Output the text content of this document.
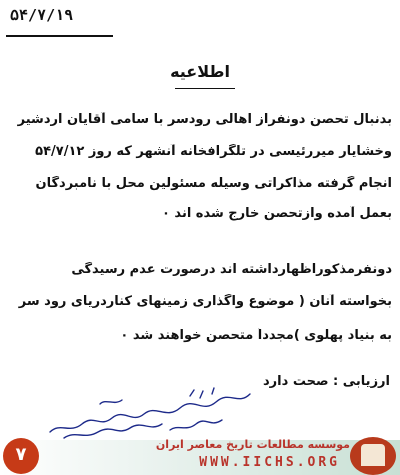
۵۴/۷/۱۹
اطلاعیه
بدنبال تحصن دونفراز اهالی رودسر با سامی آقایان اردشیر
وخشایار میررئیسی در تلگرافخانه آنشهر که روز ۵۴/۷/۱۲
انجام گرفته مذاکراتی وسیله مسئولین محل با نامبردگان
بعمل آمده وازتحصن خارج شده اند ٠
دونفرمذکوراظهارداشته اند درصورت عدم رسیدگی
بخواسته آنان ( موضوع واگذاری زمینهای کناردریای رود سر
به بنیاد پهلوی )مجدداً متحصن خواهند شد ٠
ارزیابی : صحت دارد
۷	موسسه مطالعات تاریخ معاصر ایران
WWW.IICHS.ORG
